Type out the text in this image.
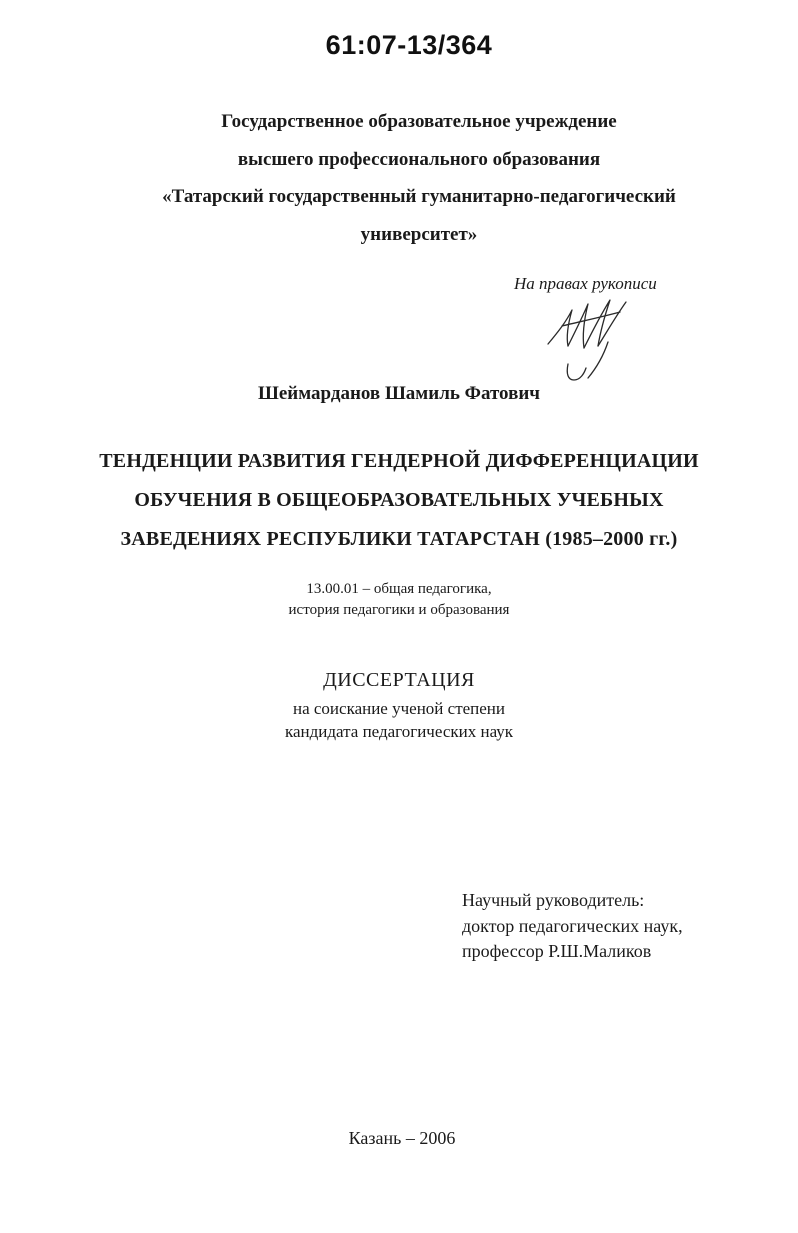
61:07-13/364
Государственное образовательное учреждение
высшего профессионального образования
«Татарский государственный гуманитарно-педагогический
университет»
На правах рукописи
Шеймарданов Шамиль Фатович
ТЕНДЕНЦИИ РАЗВИТИЯ ГЕНДЕРНОЙ ДИФФЕРЕНЦИАЦИИ
ОБУЧЕНИЯ В ОБЩЕОБРАЗОВАТЕЛЬНЫХ УЧЕБНЫХ
ЗАВЕДЕНИЯХ РЕСПУБЛИКИ ТАТАРСТАН (1985–2000 гг.)
13.00.01 – общая педагогика,
история педагогики и образования
ДИССЕРТАЦИЯ
на соискание ученой степени
кандидата педагогических наук
Научный руководитель:
доктор педагогических наук,
профессор Р.Ш.Маликов
Казань – 2006
